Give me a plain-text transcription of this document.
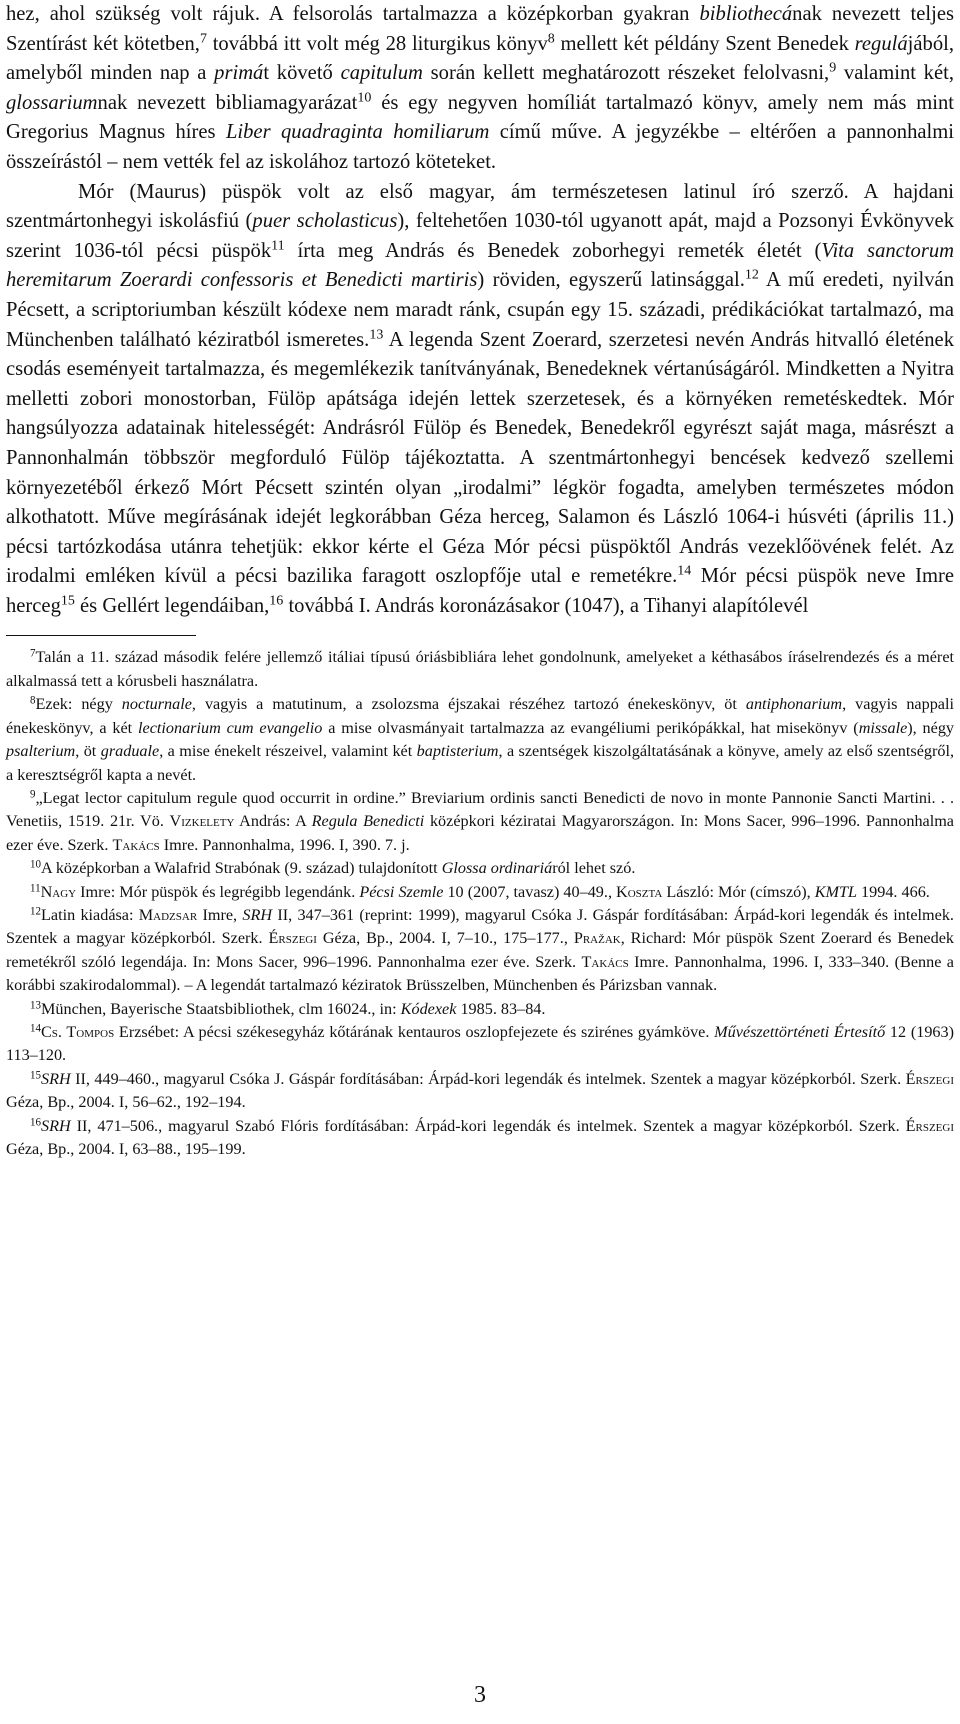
hez, ahol szükség volt rájuk. A felsorolás tartalmazza a középkorban gyakran bibliothecának nevezett teljes Szentírást két kötetben,$^7$ továbbá itt volt még 28 liturgikus könyv$^8$ mellett két példány Szent Benedek regulájából, amelyből minden nap a primát követő capitulum során kellett meghatározott részeket felolvasni,$^9$ valamint két, glossariumnak nevezett bibliamagyarázat$^{10}$ és egy negyven homíliát tartalmazó könyv, amely nem más mint Gregorius Magnus híres Liber quadraginta homiliarum című műve. A jegyzékbe – eltérően a pannonhalmi összeírástól – nem vették fel az iskolához tartozó köteteket.

Mór (Maurus) püspök volt az első magyar, ám természetesen latinul író szerző. A hajdani szentmártonhegyi iskolásfiú (puer scholasticus), feltehetően 1030-tól ugyanott apát, majd a Pozsonyi Évkönyvek szerint 1036-tól pécsi püspök$^{11}$ írta meg András és Benedek zoborhegyi remeték életét (Vita sanctorum heremitarum Zoerardi confessoris et Benedicti martiris) röviden, egyszerű latinsággal.$^{12}$ A mű eredeti, nyilván Pécsett, a scriptoriumban készült kódexe nem maradt ránk, csupán egy 15. századi, prédikációkat tartalmazó, ma Münchenben található kéziratból ismeretes.$^{13}$ A legenda Szent Zoerard, szerzetesi nevén András hitvalló életének csodás eseményeit tartalmazza, és megemlékezik tanítványának, Benedeknek vértanúságáról. Mindketten a Nyitra melletti zobori monostorban, Fülöp apátsága idején lettek szerzetesek, és a környéken remetéskedtek. Mór hangsúlyozza adatainak hitelességét: Andrásról Fülöp és Benedek, Benedekről egyrészt saját maga, másrészt a Pannonhalmán többször megforduló Fülöp tájékoztatta. A szentmártonhegyi bencések kedvező szellemi környezetéből érkező Mórt Pécsett szintén olyan „irodalmi” légkör fogadta, amelyben természetes módon alkothatott. Műve megírásának idejét legkorábban Géza herceg, Salamon és László 1064-i húsvéti (április 11.) pécsi tartózkodása utánra tehetjük: ekkor kérte el Géza Mór pécsi püspöktől András vezeklőövének felét. Az irodalmi emléken kívül a pécsi bazilika faragott oszlopfője utal e remetékre.$^{14}$ Mór pécsi püspök neve Imre herceg$^{15}$ és Gellért legendáiban,$^{16}$ továbbá I. András koronázásakor (1047), a Tihanyi alapítólevél

$^7$Talán a 11. század második felére jellemző itáliai típusú óriásbibliára lehet gondolnunk, amelyeket a kéthasábos íráselrendezés és a méret alkalmassá tett a kórusbeli használatra.

$^8$Ezek: négy nocturnale, vagyis a matutinum, a zsolozsma éjszakai részéhez tartozó énekeskönyv, öt antiphonarium, vagyis nappali énekeskönyv, a két lectionarium cum evangelio a mise olvasmányait tartalmazza az evangéliumi perikópákkal, hat misekönyv (missale), négy psalterium, öt graduale, a mise énekelt részeivel, valamint két baptisterium, a szentségek kiszolgáltatásának a könyve, amely az első szentségről, a keresztségről kapta a nevét.

$^9$„Legat lector capitulum regule quod occurrit in ordine.” Breviarium ordinis sancti Benedicti de novo in monte Pannonie Sancti Martini. . . Venetiis, 1519. 21r. Vö. Vizkelety András: A Regula Benedicti középkori kéziratai Magyarországon. In: Mons Sacer, 996–1996. Pannonhalma ezer éve. Szerk. Takács Imre. Pannonhalma, 1996. I, 390. 7. j.

$^{10}$A középkorban a Walafrid Strabónak (9. század) tulajdonított Glossa ordinariáról lehet szó.

$^{11}$Nagy Imre: Mór püspök és legrégibb legendánk. Pécsi Szemle 10 (2007, tavasz) 40–49., Koszta László: Mór (címszó), KMTL 1994. 466.

$^{12}$Latin kiadása: Madzsar Imre, SRH II, 347–361 (reprint: 1999), magyarul Csóka J. Gáspár fordításában: Árpád-kori legendák és intelmek. Szentek a magyar középkorból. Szerk. Érszegi Géza, Bp., 2004. I, 7–10., 175–177., Pražak, Richard: Mór püspök Szent Zoerard és Benedek remetékről szóló legendája. In: Mons Sacer, 996–1996. Pannonhalma ezer éve. Szerk. Takács Imre. Pannonhalma, 1996. I, 333–340. (Benne a korábbi szakirodalommal). – A legendát tartalmazó kéziratok Brüsszelben, Münchenben és Párizsban vannak.

$^{13}$München, Bayerische Staatsbibliothek, clm 16024., in: Kódexek 1985. 83–84.

$^{14}$Cs. Tompos Erzsébet: A pécsi székesegyház kőtárának kentauros oszlopfejezete és szirénes gyámköve. Művészettörténeti Értesítő 12 (1963) 113–120.

$^{15}$SRH II, 449–460., magyarul Csóka J. Gáspár fordításában: Árpád-kori legendák és intelmek. Szentek a magyar középkorból. Szerk. Érszegi Géza, Bp., 2004. I, 56–62., 192–194.

$^{16}$SRH II, 471–506., magyarul Szabó Flóris fordításában: Árpád-kori legendák és intelmek. Szentek a magyar középkorból. Szerk. Érszegi Géza, Bp., 2004. I, 63–88., 195–199.

3
